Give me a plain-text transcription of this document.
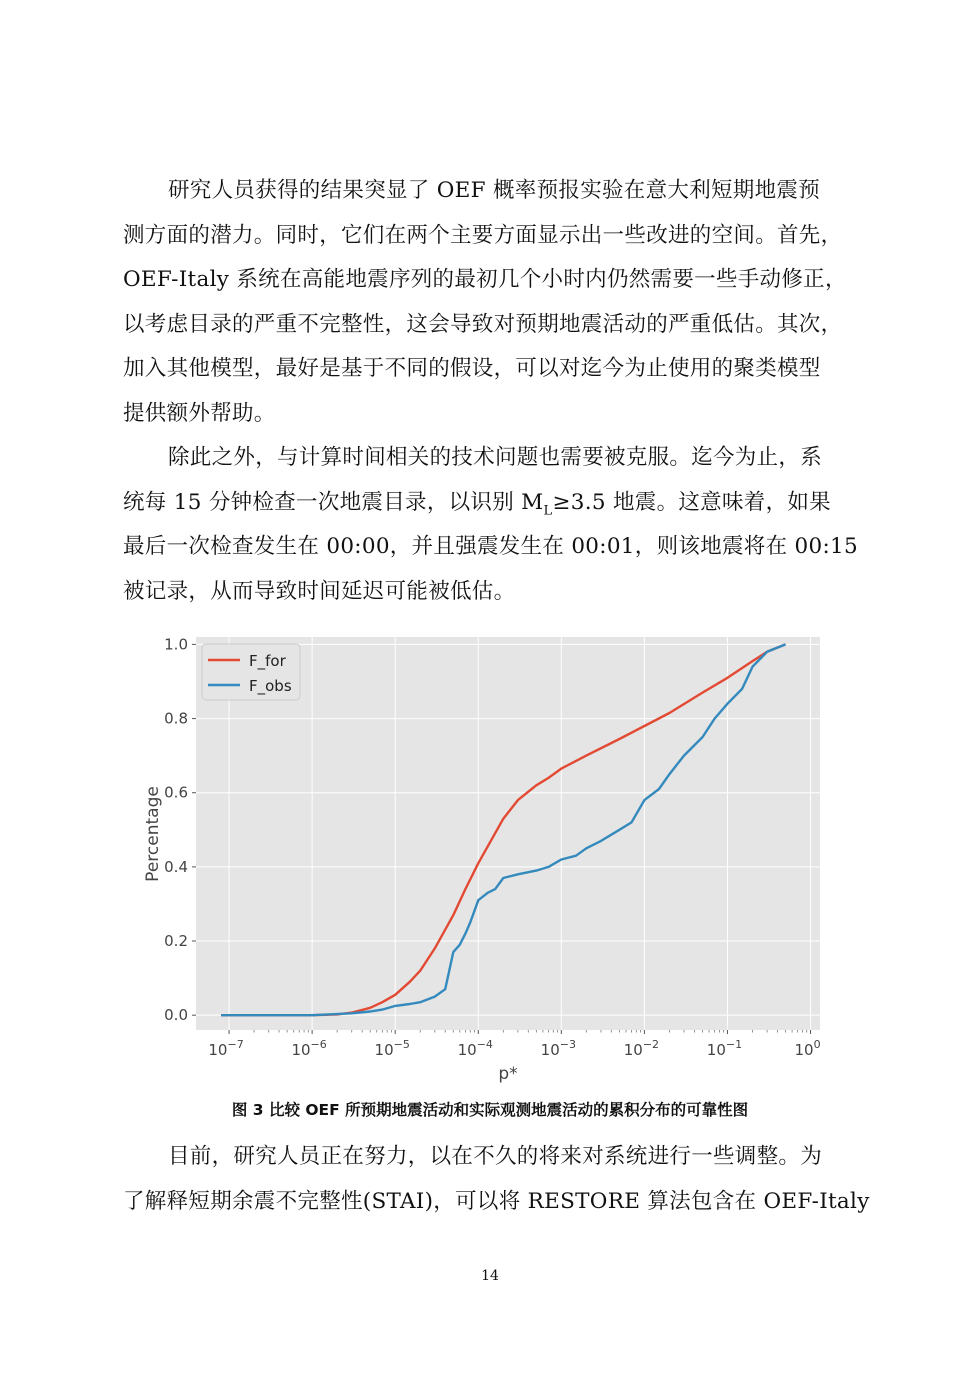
研究人员获得的结果突显了 OEF 概率预报实验在意大利短期地震预
测方面的潜力。同时，它们在两个主要方面显示出一些改进的空间。首先，
OEF-Italy 系统在高能地震序列的最初几个小时内仍然需要一些手动修正，
以考虑目录的严重不完整性，这会导致对预期地震活动的严重低估。其次，
加入其他模型，最好是基于不同的假设，可以对迄今为止使用的聚类模型
提供额外帮助。

除此之外，与计算时间相关的技术问题也需要被克服。迄今为止，系
统每 15 分钟检查一次地震目录，以识别 $M_L\ge 3.5$ 地震。这意味着，如果
最后一次检查发生在 00:00，并且强震发生在 00:01，则该地震将在 00:15
被记录，从而导致时间延迟可能被低估。

F_for
F_obs
$10^{-7}$	$10^{-6}$	$10^{-5}$	$10^{-4}$	$10^{-3}$	$10^{-2}$	$10^{-1}$	$10^0$
0.0
0.2
0.4
0.6
0.8
1.0
p*
Percentage
图 3 比较 OEF 所预期地震活动和实际观测地震活动的累积分布的可靠性图

目前，研究人员正在努力，以在不久的将来对系统进行一些调整。为
了解释短期余震不完整性(STAI)，可以将 RESTORE 算法包含在 OEF-Italy

14
